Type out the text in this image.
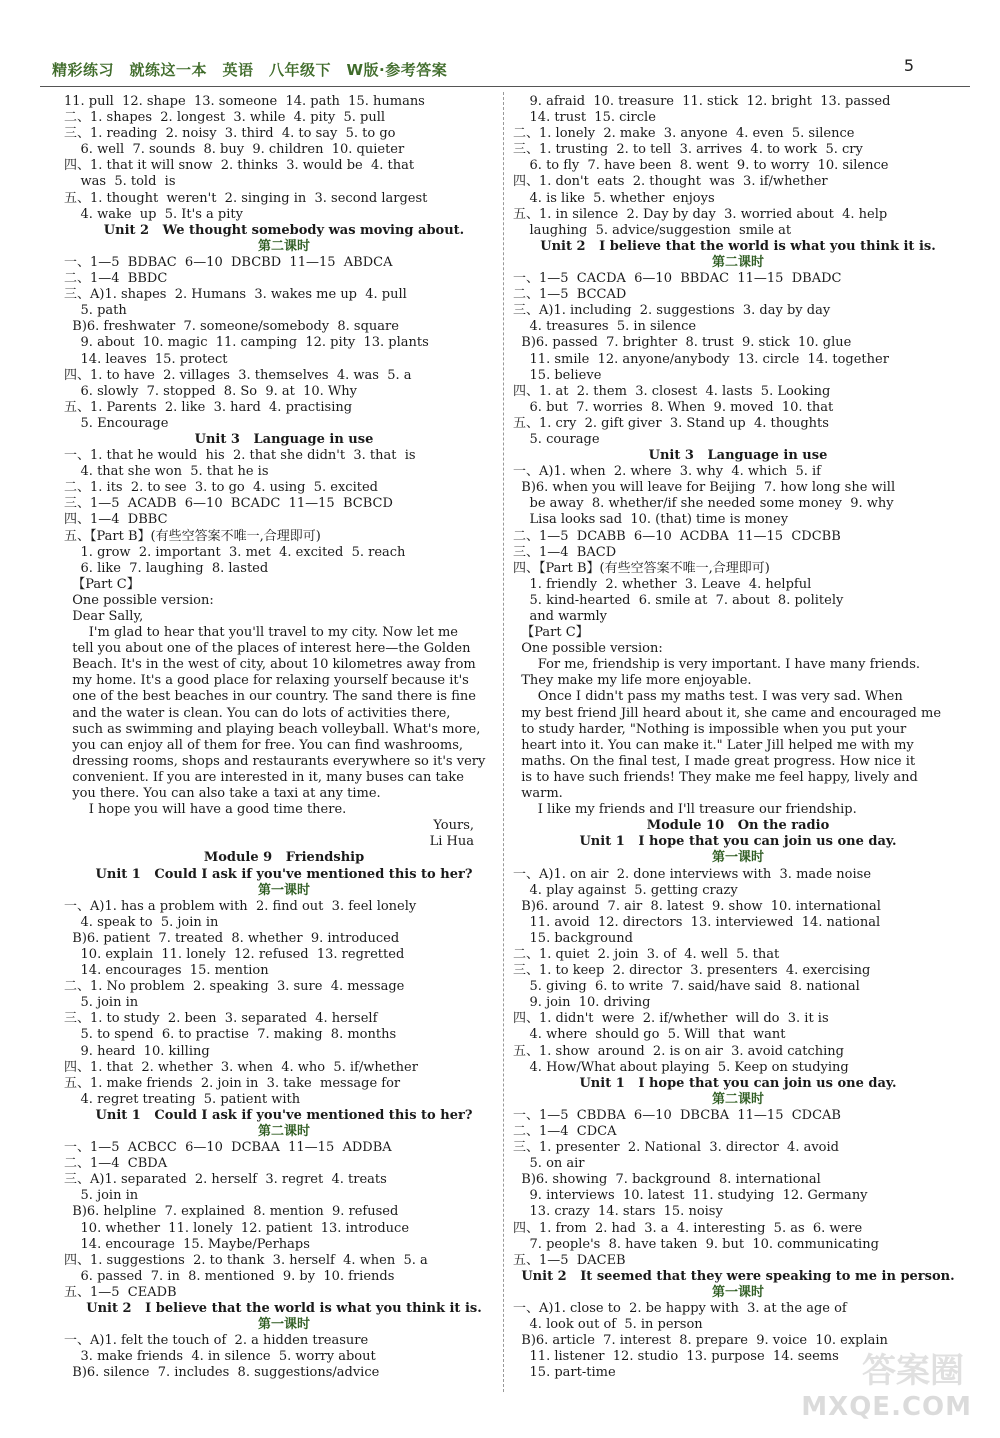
精彩练习　就练这一本　英语　八年级下　W版·参考答案	5
11. pull  12. shape  13. someone  14. path  15. humans
二、1. shapes  2. longest  3. while  4. pity  5. pull
三、1. reading  2. noisy  3. third  4. to say  5. to go
6. well  7. sounds  8. buy  9. children  10. quieter
四、1. that it will snow  2. thinks  3. would be  4. that
was  5. told  is
五、1. thought  weren't  2. singing in  3. second largest
4. wake  up  5. It's a pity
Unit 2   We thought somebody was moving about.
第二课时
一、1—5  BDBAC  6—10  DBCBD  11—15  ABDCA
二、1—4  BBDC
三、A)1. shapes  2. Humans  3. wakes me up  4. pull
5. path
B)6. freshwater  7. someone/somebody  8. square
9. about  10. magic  11. camping  12. pity  13. plants
14. leaves  15. protect
四、1. to have  2. villages  3. themselves  4. was  5. a
6. slowly  7. stopped  8. So  9. at  10. Why
五、1. Parents  2. like  3. hard  4. practising
5. Encourage
Unit 3   Language in use
一、1. that he would  his  2. that she didn't  3. that  is
4. that she won  5. that he is
二、1. its  2. to see  3. to go  4. using  5. excited
三、1—5  ACADB  6—10  BCADC  11—15  BCBCD
四、1—4  DBBC
五、【Part B】(有些空答案不唯一,合理即可)
1. grow  2. important  3. met  4. excited  5. reach
6. like  7. laughing  8. lasted
【Part C】
One possible version:
Dear Sally,
I'm glad to hear that you'll travel to my city. Now let me
tell you about one of the places of interest here—the Golden
Beach. It's in the west of city, about 10 kilometres away from
my home. It's a good place for relaxing yourself because it's
one of the best beaches in our country. The sand there is fine
and the water is clean. You can do lots of activities there,
such as swimming and playing beach volleyball. What's more,
you can enjoy all of them for free. You can find washrooms,
dressing rooms, shops and restaurants everywhere so it's very
convenient. If you are interested in it, many buses can take
you there. You can also take a taxi at any time.
I hope you will have a good time there.
Yours,
Li Hua
Module 9   Friendship
Unit 1   Could I ask if you've mentioned this to her?
第一课时
一、A)1. has a problem with  2. find out  3. feel lonely
4. speak to  5. join in
B)6. patient  7. treated  8. whether  9. introduced
10. explain  11. lonely  12. refused  13. regretted
14. encourages  15. mention
二、1. No problem  2. speaking  3. sure  4. message
5. join in
三、1. to study  2. been  3. separated  4. herself
5. to spend  6. to practise  7. making  8. months
9. heard  10. killing
四、1. that  2. whether  3. when  4. who  5. if/whether
五、1. make friends  2. join in  3. take  message for
4. regret treating  5. patient with
Unit 1   Could I ask if you've mentioned this to her?
第二课时
一、1—5  ACBCC  6—10  DCBAA  11—15  ADDBA
二、1—4  CBDA
三、A)1. separated  2. herself  3. regret  4. treats
5. join in
B)6. helpline  7. explained  8. mention  9. refused
10. whether  11. lonely  12. patient  13. introduce
14. encourage  15. Maybe/Perhaps
四、1. suggestions  2. to thank  3. herself  4. when  5. a
6. passed  7. in  8. mentioned  9. by  10. friends
五、1—5  CEADB
Unit 2   I believe that the world is what you think it is.
第一课时
一、A)1. felt the touch of  2. a hidden treasure
3. make friends  4. in silence  5. worry about
B)6. silence  7. includes  8. suggestions/advice
9. afraid  10. treasure  11. stick  12. bright  13. passed
14. trust  15. circle
二、1. lonely  2. make  3. anyone  4. even  5. silence
三、1. trusting  2. to tell  3. arrives  4. to work  5. cry
6. to fly  7. have been  8. went  9. to worry  10. silence
四、1. don't  eats  2. thought  was  3. if/whether
4. is like  5. whether  enjoys
五、1. in silence  2. Day by day  3. worried about  4. help
laughing  5. advice/suggestion  smile at
Unit 2   I believe that the world is what you think it is.
第二课时
一、1—5  CACDA  6—10  BBDAC  11—15  DBADC
二、1—5  BCCAD
三、A)1. including  2. suggestions  3. day by day
4. treasures  5. in silence
B)6. passed  7. brighter  8. trust  9. stick  10. glue
11. smile  12. anyone/anybody  13. circle  14. together
15. believe
四、1. at  2. them  3. closest  4. lasts  5. Looking
6. but  7. worries  8. When  9. moved  10. that
五、1. cry  2. gift giver  3. Stand up  4. thoughts
5. courage
Unit 3   Language in use
一、A)1. when  2. where  3. why  4. which  5. if
B)6. when you will leave for Beijing  7. how long she will
be away  8. whether/if she needed some money  9. why
Lisa looks sad  10. (that) time is money
二、1—5  DCABB  6—10  ACDBA  11—15  CDCBB
三、1—4  BACD
四、【Part B】(有些空答案不唯一,合理即可)
1. friendly  2. whether  3. Leave  4. helpful
5. kind-hearted  6. smile at  7. about  8. politely
and warmly
【Part C】
One possible version:
For me, friendship is very important. I have many friends.
They make my life more enjoyable.
Once I didn't pass my maths test. I was very sad. When
my best friend Jill heard about it, she came and encouraged me
to study harder, "Nothing is impossible when you put your
heart into it. You can make it." Later Jill helped me with my
maths. On the final test, I made great progress. How nice it
is to have such friends! They make me feel happy, lively and
warm.
I like my friends and I'll treasure our friendship.
Module 10   On the radio
Unit 1   I hope that you can join us one day.
第一课时
一、A)1. on air  2. done interviews with  3. made noise
4. play against  5. getting crazy
B)6. around  7. air  8. latest  9. show  10. international
11. avoid  12. directors  13. interviewed  14. national
15. background
二、1. quiet  2. join  3. of  4. well  5. that
三、1. to keep  2. director  3. presenters  4. exercising
5. giving  6. to write  7. said/have said  8. national
9. join  10. driving
四、1. didn't  were  2. if/whether  will do  3. it is
4. where  should go  5. Will  that  want
五、1. show  around  2. is on air  3. avoid catching
4. How/What about playing  5. Keep on studying
Unit 1   I hope that you can join us one day.
第二课时
一、1—5  CBDBA  6—10  DBCBA  11—15  CDCAB
二、1—4  CDCA
三、1. presenter  2. National  3. director  4. avoid
5. on air
B)6. showing  7. background  8. international
9. interviews  10. latest  11. studying  12. Germany
13. crazy  14. stars  15. noisy
四、1. from  2. had  3. a  4. interesting  5. as  6. were
7. people's  8. have taken  9. but  10. communicating
五、1—5  DACEB
Unit 2   It seemed that they were speaking to me in person.
第一课时
一、A)1. close to  2. be happy with  3. at the age of
4. look out of  5. in person
B)6. article  7. interest  8. prepare  9. voice  10. explain
11. listener  12. studio  13. purpose  14. seems
15. part-time	答案圈
MXQE.COM
